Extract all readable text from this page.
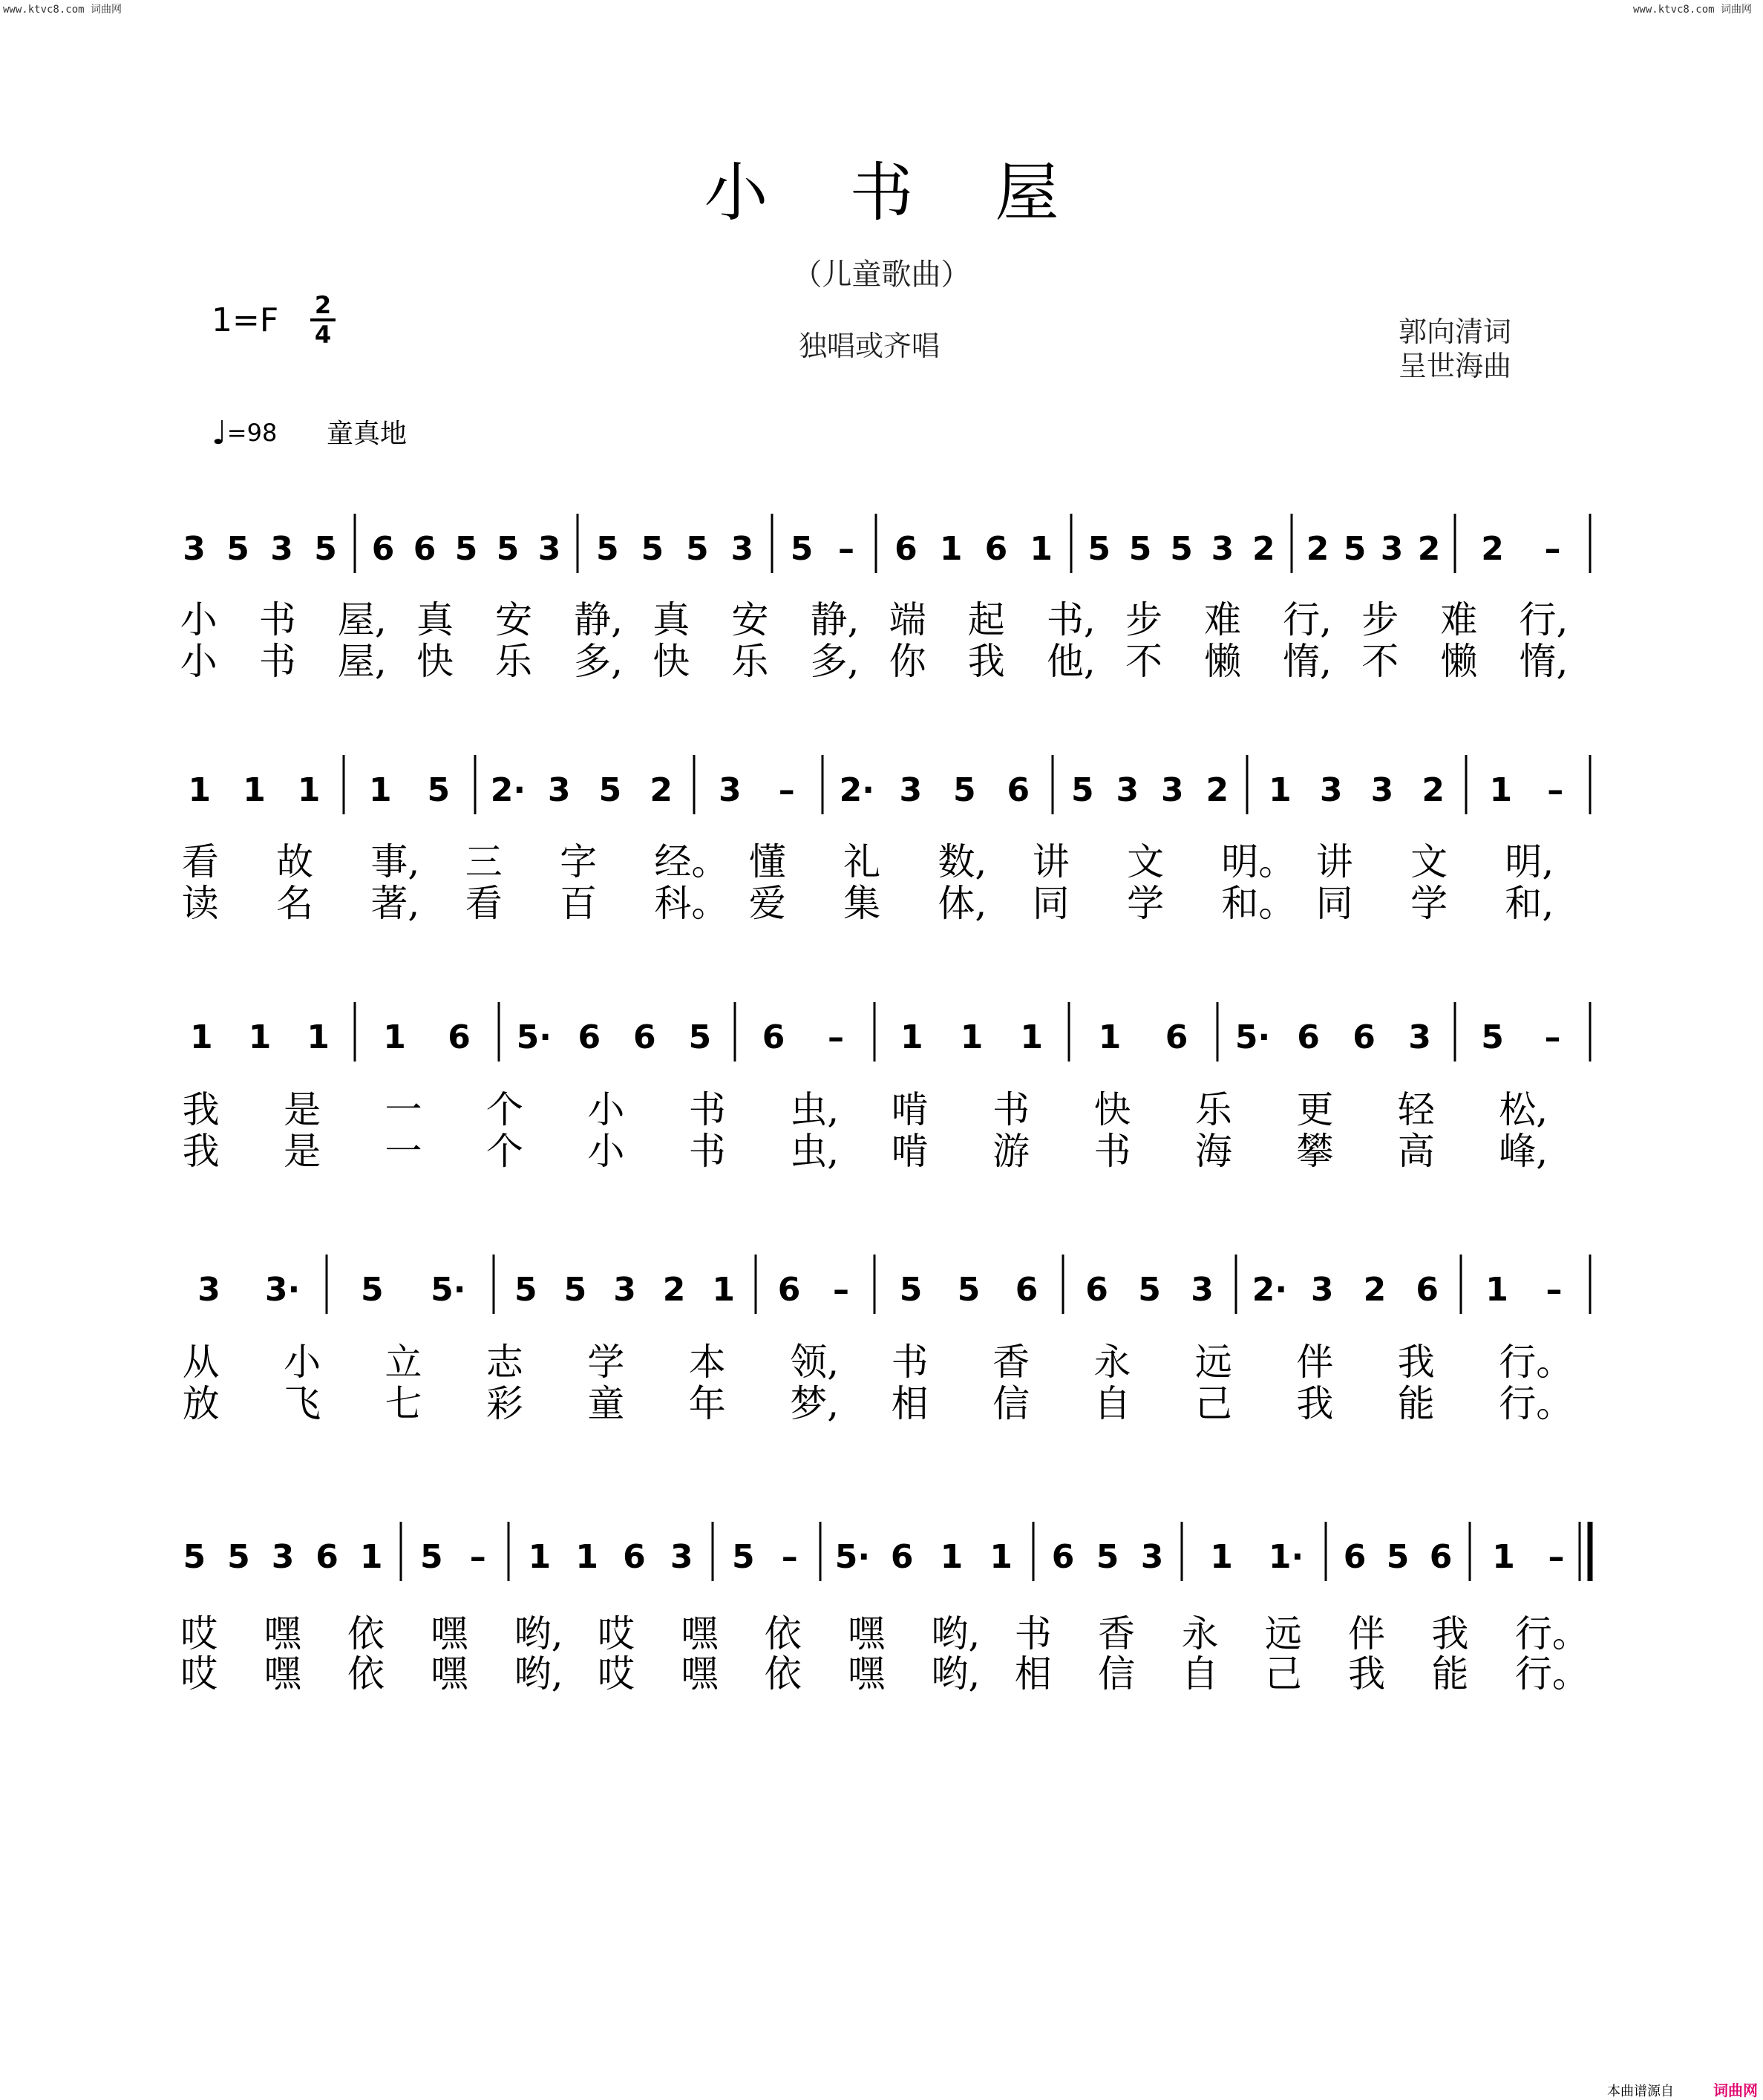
www.ktvc8.com 词曲网	www.ktvc8.com 词曲网
小书屋
（儿童歌曲）
1=F 2
4	独唱或齐唱	郭向清词
呈世海曲
♩=98 童真地
3 5 3 5 6 6 5 5 3 5 5 5 3 5 – 6 1 6 1 5 5 5 3 2 2 5 3 2 2 –
小 书 屋, 真 安 静, 真 安 静, 端 起 书, 步 难 行, 步 难 行,
小 书 屋, 快 乐 多, 快 乐 多, 你 我 他, 不 懒 惰, 不 懒 惰,
1 1 1 1 5 2· 3 5 2 3 – 2· 3 5 6 5 3 3 2 1 3 3 2 1 –
看 故 事, 三 字 经。 懂 礼 数, 讲 文 明。 讲 文 明,
读 名 著, 看 百 科。 爱 集 体, 同 学 和。 同 学 和,
1 1 1 1 6 5· 6 6 5 6 – 1 1 1 1 6 5· 6 6 3 5 –
我 是 一 个 小 书 虫, 啃 书 快 乐 更 轻 松,
我 是 一 个 小 书 虫, 啃 游 书 海 攀 高 峰,
3 3· 5 5· 5 5 3 2 1 6 – 5 5 6 6 5 3 2· 3 2 6 1 –
从 小 立 志 学 本 领, 书 香 永 远 伴 我 行。
放 飞 七 彩 童 年 梦, 相 信 自 己 我 能 行。
5 5 3 6 1 5 – 1 1 6 3 5 – 5· 6 1 1 6 5 3 1 1· 6 5 6 1 –
哎 嘿 依 嘿 哟, 哎 嘿 依 嘿 哟, 书 香 永 远 伴 我 行。
哎 嘿 依 嘿 哟, 哎 嘿 依 嘿 哟, 相 信 自 己 我 能 行。
本曲谱源自	词曲网
